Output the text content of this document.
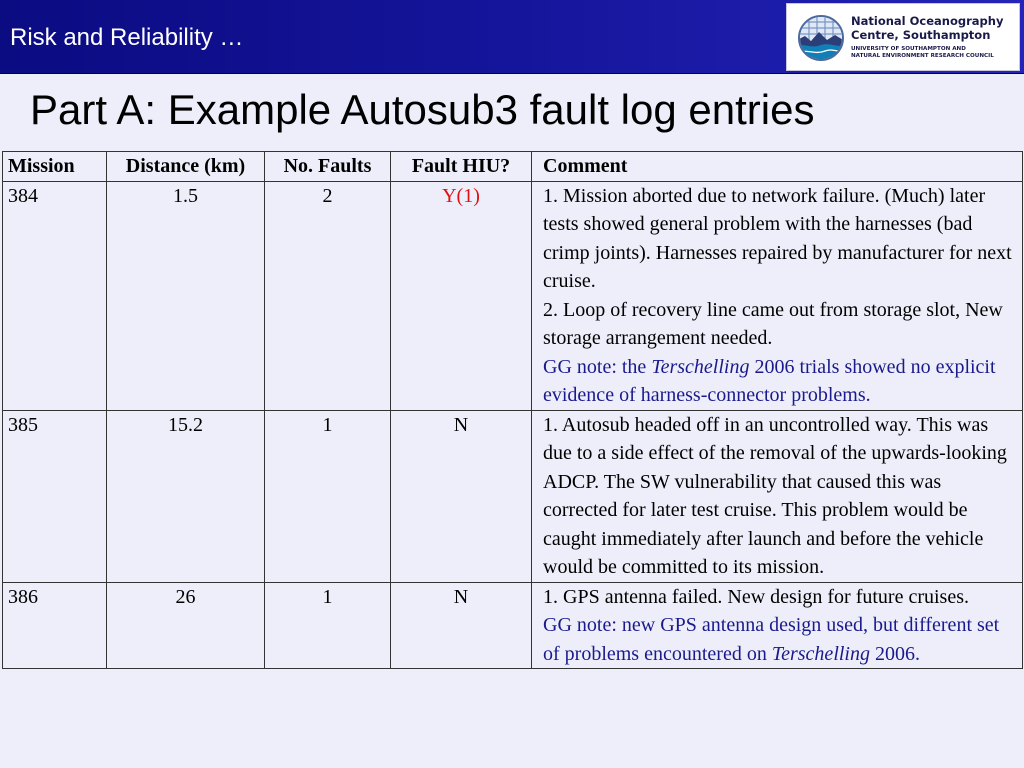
Risk and Reliability …
National Oceanography
Centre, Southampton
UNIVERSITY OF SOUTHAMPTON AND
NATURAL ENVIRONMENT RESEARCH COUNCIL
Part A: Example Autosub3 fault log entries
Mission	Distance (km)	No. Faults	Fault HIU?	Comment
384	1.5	2	Y(1)	1. Mission aborted due to network failure. (Much) later tests showed general problem with the harnesses (bad crimp joints). Harnesses repaired by manufacturer for next cruise.
2. Loop of recovery line came out from storage slot, New storage arrangement needed.
GG note: the Terschelling 2006 trials showed no explicit evidence of harness-connector problems.

385	15.2	1	N	1. Autosub headed off in an uncontrolled way. This was due to a side effect of the removal of the upwards-looking ADCP. The SW vulnerability that caused this was corrected for later test cruise. This problem would be caught immediately after launch and before the vehicle would be committed to its mission.

386	26	1	N	1. GPS antenna failed. New design for future cruises.
GG note: new GPS antenna design used, but different set of problems encountered on Terschelling 2006.
